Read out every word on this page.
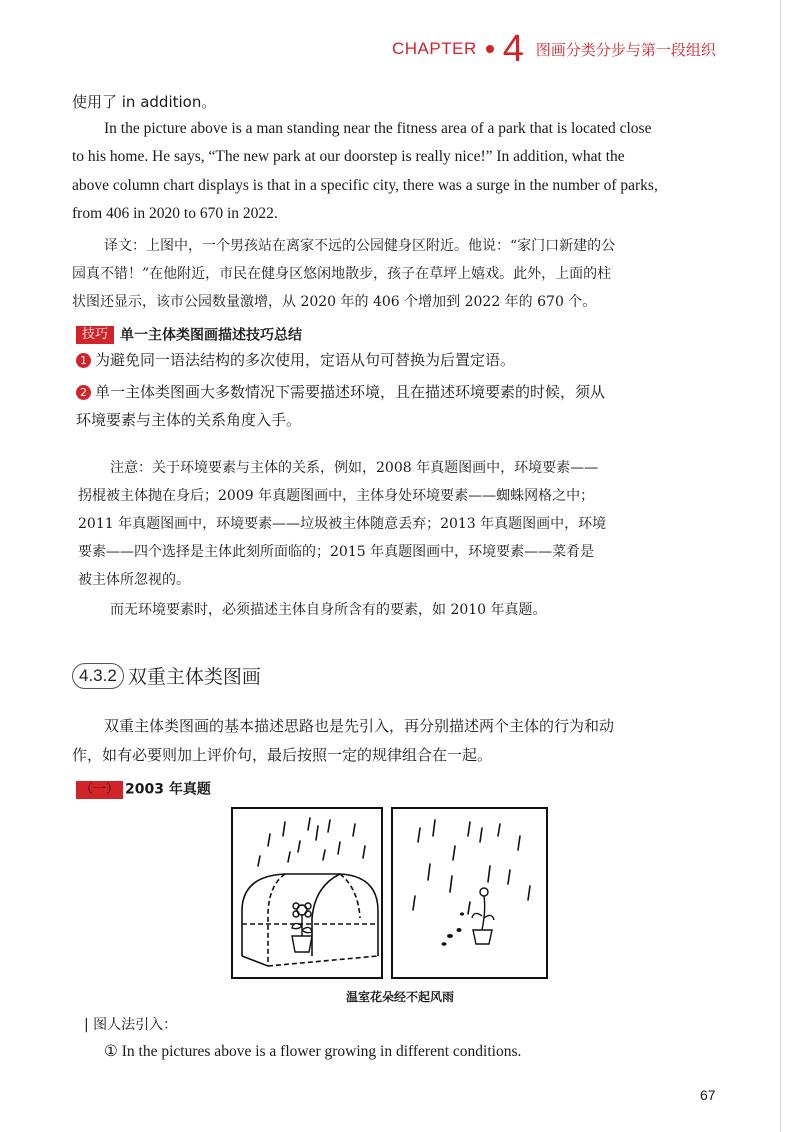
CHAPTER 4 图画分类分步与第一段组织
使用了 in addition。
In the picture above is a man standing near the fitness area of a park that is located close
to his home. He says, “The new park at our doorstep is really nice!” In addition, what the
above column chart displays is that in a specific city, there was a surge in the number of parks,
from 406 in 2020 to 670 in 2022.
译文：上图中，一个男孩站在离家不远的公园健身区附近。他说：“家门口新建的公
园真不错！”在他附近，市民在健身区悠闲地散步，孩子在草坪上嬉戏。此外，上面的柱
状图还显示，该市公园数量激增，从 2020 年的 406 个增加到 2022 年的 670 个。
技巧 单一主体类图画描述技巧总结
1 为避免同一语法结构的多次使用，定语从句可替换为后置定语。
2 单一主体类图画大多数情况下需要描述环境，且在描述环境要素的时候，须从
环境要素与主体的关系角度入手。
注意：关于环境要素与主体的关系，例如，2008 年真题图画中，环境要素——
拐棍被主体抛在身后；2009 年真题图画中，主体身处环境要素——蜘蛛网格之中；
2011 年真题图画中，环境要素——垃圾被主体随意丢弃；2013 年真题图画中，环境
要素——四个选择是主体此刻所面临的；2015 年真题图画中，环境要素——菜肴是
被主体所忽视的。
而无环境要素时，必须描述主体自身所含有的要素，如 2010 年真题。
4.3.2 双重主体类图画
双重主体类图画的基本描述思路也是先引入，再分别描述两个主体的行为和动
作，如有必要则加上评价句，最后按照一定的规律组合在一起。
（一） 2003 年真题
温室花朵经不起风雨
| 图人法引入：
① In the pictures above is a flower growing in different conditions.
67
